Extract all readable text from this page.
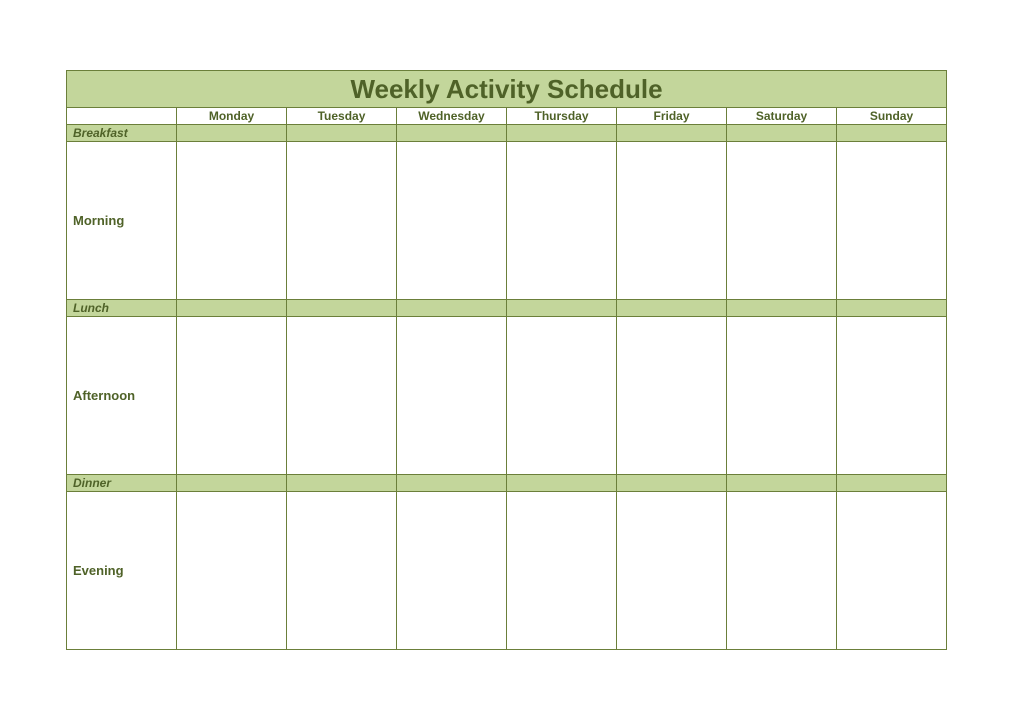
Weekly Activity Schedule							
	Monday	Tuesday	Wednesday	Thursday	Friday	Saturday	Sunday
Breakfast							
Morning							
Lunch							
Afternoon							
Dinner							
Evening							
